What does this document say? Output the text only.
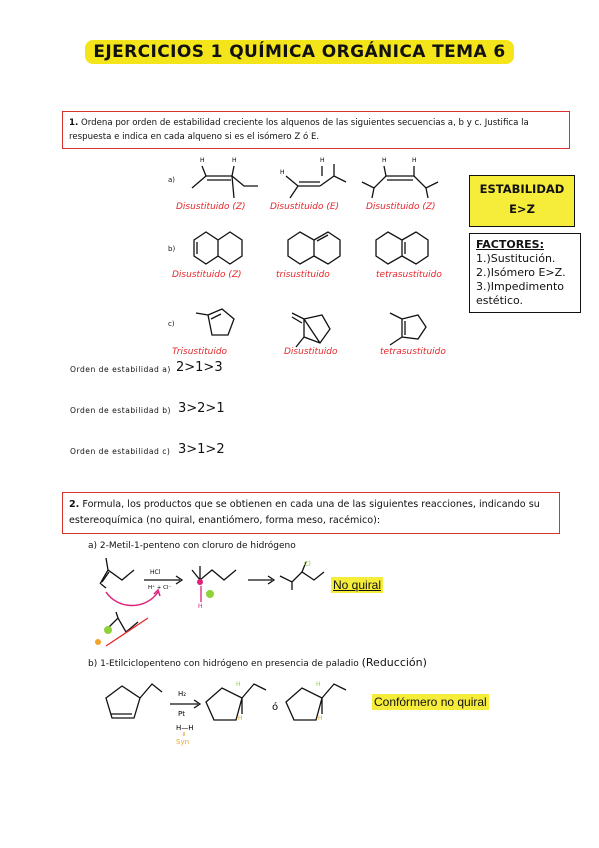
EJERCICIOS 1 QUÍMICA ORGÁNICA TEMA 6
1. Ordena por orden de estabilidad creciente los alquenos de las siguientes secuencias a, b y c. Justifica la respuesta e indica en cada alqueno si es el isómero Z ó E.
a)
b)
c)
H	H
H
H	H	H
Disustituido (Z)	Disustituido (E)	Disustituido (Z)
Disustituido (Z)	trisustituido	tetrasustituido
Trisustituido	Disustituido	tetrasustituido
ESTABILIDAD
E>Z
FACTORES:
1.)Sustitución.
2.)Isómero E>Z.
3.)Impedimento estético.
Orden de estabilidad a) 2>1>3
Orden de estabilidad b) 3>2>1
Orden de estabilidad c) 3>1>2
2. Formula, los productos que se obtienen en cada una de las siguientes reacciones, indicando su estereoquímica (no quiral, enantiómero, forma meso, racémico):
a) 2-Metil-1-penteno con cloruro de hidrógeno
HCl
H⁺ + Cl⁻
H
Cl
No quiral
b) 1-Etilciclopenteno con hidrógeno en presencia de paladio (Reducción)
H₂
Pt
H—H
Syn
H
H
ó
H
H
Confórmero no quiral
